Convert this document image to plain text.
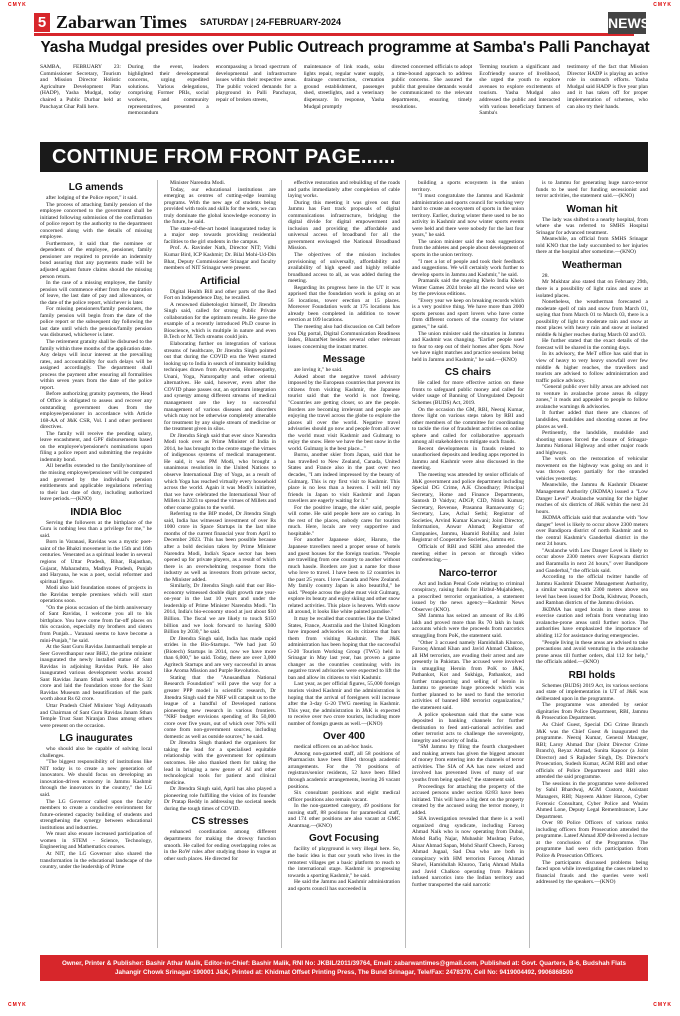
CMYK	CMYK
5 Zabarwan Times SATURDAY | 24-FEBRUARY-2024	NEWS
Yasha Mudgal presides over Public Outreach programme at Samba's Palli Panchayat
SAMBA, FEBRUARY 23: Commissioner Secretary, Tourism and Mission Director Holistic Agriculture Development Plan (HADP), Yasha Mudgal, today chaired a Public Durbar held at Panchayat Ghar Palli here.
During the event, leaders highlighted their developmental concerns, urging expedited solutions. Various delegations, comprising Former PRIs, social workers, and community representatives, presented a memorandum
encompassing a broad spectrum of developmental and infrastructure issues within their respective areas. The public voiced demands for a playground in Palli Panchayat, repair of broken streets,
maintenance of link roads, solar lights repair, regular water supply, drainage construction, cremation ground establishment, passenger shed, streetlights, and a veterinary dispensary. In response, Yasha Mudgal promptly
directed concerned officials to adopt a time-bound approach to address public concerns. She assured the public that genuine demands would be communicated to the relevant departments, ensuring timely resolutions.
Terming tourism a significant and Ecofriendly source of livelihood, she urged the youth to explore avenues to explore excitements of tourism. Yasha Mudgal also addressed the public and interacted with various beneficiary farmers of Samba's
testimony of the fact that Mission Director HADP is playing an active role in outreach efforts. Yasha Mudgal said HADP is five year plan and it has taken off for proper implementation of schemes, who can also try their hands.
CONTINUE FROM FRONT PAGE......
LG amends

after lodging of the Police report," it said.

The process of attaching family pension of the employee concerned to the government shall be initiated following submission of the confirmation of police report by the authority to the department concerned along with the details of missing employee.

Furthermore, it said that the nominee or dependents of the employee, pensioner, family pensioner are required to provide an indemnity bond assuring that any payments made will be adjusted against future claims should the missing person return.

In the case of a missing employee, the family pension will commence either from the expiration of leave, the last date of pay and allowances, or the date of the police report, whichever is later.

For missing pensioners/family pensioners, the family pension will begin from the date of the police report or the subsequent day following the last date until which the pension/family pension was disbursed, whichever is later.

The retirement gratuity shall be disbursed to the family within three months of the application date. Any delays will incur interest at the prevailing rates, and accountability for such delays will be assigned accordingly. The department shall process the payment after ensuring all formalities within seven years from the date of the police report.

Before authorizing gratuity payments, the Head of Office is obligated to assess and recover any outstanding government dues from the employee/pensioner in accordance with Article 168-AA of J&K CSR, Vol. I and other pertinent directives.

The family will receive the pending salary, leave encashment, and GPF disbursements based on the employee's/pensioner's nominations upon filing a police report and submitting the requisite indemnity bond.

All benefits extended to the family/nominee of the missing employee/pensioner will be computed and governed by the individual's pension entitlements and applicable regulations referring to their last date of duty, including authorized leave periods.—(KNO)

INDIA Bloc

Serving the followers at the birthplace of the Guru is nothing less than a privilege for me," he said.

Born in Varanasi, Ravidas was a mystic poet-saint of the Bhakti movement in the 15th and 16th centuries. Venerated as a spiritual leader in several regions of Uttar Pradesh, Bihar, Rajasthan, Gujarat, Maharashtra, Madhya Pradesh, Punjab and Haryana, he was a poet, social reformer and spiritual figure.

Modi also laid foundation stones of projects in the Ravidas temple premises which will start operations soon.

"On the pious occasion of the birth anniversary of Sant Ravidas, I welcome you all to his birthplace. You have come from far-off places on this occasion, especially my brothers and sisters from Punjab... Varanasi seems to have become a mini-Punjab," he said.

At the Sant Guru Ravidas Janmasthali temple at Seer Goverdhanpur near BHU, the prime minister inaugurated the newly installed statue of Sant Ravidas in adjoining Ravidas Park. He also inaugurated various development works around Sant Ravidas Janam Sthali worth about Rs 32 crore and laid the foundation stone for the Sant Ravidas Museum and beautification of the park worth about Rs 62 crore.

Uttar Pradesh Chief Minister Yogi Adityanath and Chairman of Sant Guru Ravidas Janam Sthan Temple Trust Sant Niranjan Dass among others were present on the occasion.

LG inaugurates

who should also be capable of solving local challenges.

"The biggest responsibility of institutions like NIT today is to create a new generation of innovators. We should focus on developing an innovation-driven economy in Jammu Kashmir through the innovators in the country," the LG said.

The LG Governor called upon the faculty members to create a conducive environment for future-oriented capacity building of students and strengthening the synergy between educational institutions and industries.

We must also ensure increased participation of women in STEM - Science, Technology, Engineering and Mathematics courses.

At NIT, the LG Governor also shared the transformation in the educational landscape of the country, under the leadership of Prime

Minister Narendra Modi.

Today, our educational institutions are emerging as centres of cutting-edge learning programs. With the new age of students being provided with tools and skills for the work, we can truly dominate the global knowledge economy in the future, he said.

The state-of-the-art hostel inaugurated today is a major step towards providing residential facilities to the girl students in the campus.

Prof. A. Ravinder Nath, Director NIT; Vidhi Kumar Bird, ICP Kashmir; Dr. Bilal Mohi-Ud-Din Bhat, Deputy Commissioner Srinagar and faculty members of NIT Srinagar were present.

Artificial

Digital Health Bill and other parts of the Red Fort on Independence Day, he recalled.

A renowned diabetologist himself, Dr Jitendra Singh said, called for strong Public Private collaboration for the optimum results. He gave the example of a recently introduced Ph.D course in Bioscience, which is multiple in nature and even B.Tech or M. Tech streams could join.

Elaborating further on integration of various streams of healthcare, Dr Jitendra Singh pointed out that during the COVID era the West started looking up to India in search of immunity building techniques drawn from Ayurveda, Homoeopathy, Unani, Yoga, Naturopathy and other oriental alternatives. He said, however, even after the COVID phase passes out, an optimum integration and synergy among different streams of medical management are the key to successful management of various diseases and disorders which may not be otherwise completely amenable for treatment by any single stream of medicine or the treatment given in silos.

Dr Jitendra Singh said that ever since Narendra Modi took over as Prime Minister of India in 2014, he has brought to the centre stage the virtues of indigenous systems of medical management. He said, it was PM Modi, who brought a unanimous resolution in the United Nations to observe International Day of Yoga, as a result of which Yoga has reached virtually every household across the world. Again it was Modi's initiative, that we have celebrated the International Year of Millets in 2023 to spread the virtues of Millets and other coarse grains to the world.

Referring to the BIP model, Dr Jitendra Singh said, India has witnessed investment of over Rs 1000 crore in Space Startups in the last nine months of the current financial year from April to December 2023. This has been possible because after a bold decision taken by Prime Minister Narendra Modi, India's Space sector has been opened up for private players, as a result of which there is an overwhelming response from the industry as well as investors from private sector, the Minister added.

Similarly, Dr Jitendra Singh said that our Bio-economy witnessed double digit growth rate year-on-year in the last 10 years and under the leadership of Prime Minister Narendra Modi. "In 2014, India's bio-economy stood at just about $10 Billion. The fiscal we are likely to touch $150 billion and we look forward to having $300 Billion by 2030," he said.

Dr Jitendra Singh said, India has made rapid strides in the Bio-Startups. "We had just 50 (Biotech) Startups in 2014, now we have more than 6,000," he said. Today, there are over 3,000 Agritech Startups and are very successful in areas like Aroma Mission and Purple Revolution.

Stating that the "Anusandhan National Research Foundation" will pave the way for a greater PPP model in scientific research, Dr Jitendra Singh said the NRF will catapult us to the league of a handful of Developed nations pioneering new research in various frontiers. "NRF budget envisions spending of Rs 50,000 crore over five years, out of which over 70% will come from non-government sources, including domestic as well as outside sources," he said.

Dr Jitendra Singh thanked the organisers for taking the lead for a specialised equitable relationship with the government for optimum outcomes. He also thanked them for taking the lead in bringing a new genre of AI and other technological tools for patient and clinical medicine.

Dr Jitendra Singh said, April has also played a pioneering role fulfilling the vision of its founder Dr Pratap Reddy in addressing the societal needs during the tough times of COVID.

CS stresses

enhanced coordination among different departments for making the drowsy function smooth. He called for ending overlapping roles as in the RoW rules after studying those in vogue at other such places. He directed for

effective restoration and rebuilding of the roads and paths immediately after completion of cable laying works.

During this meeting it was given out that Jammu has Fast track proposals of digital communications infrastructure, bridging the digital divide for digital empowerment and inclusion and providing the affordable and universal access of broadband for all the government envisaged the National Broadband Mission.

The objectives of the mission includes provisioning of universally, affordability and availability of high speed and highly reliable broadband access to all, as was added during the meeting.

Regarding its progress here in the UT it was apprised that the foundation work is going on at 56 locations, tower erection at 15 places. Moreover Foundation work at 175 locations has already been completed in addition to tower erection at 109 locations.

The meeting also had discussion on Call before you Dig portal, Digital Communication Readiness Index, BharatNet besides several other relevant issues concerning the instant matter.

Message

are loving it," he said.

Asked about the negative travel advisory imposed by the European countries that prevent its citizens from visiting Kashmir, the Japanese tourist said that the world is not freeing. "Countries are getting closer, so are the people. Borders are becoming irrelevant and people are enjoying the travel across the globe to explore the places all over the world. Negative travel advisories should go now and people from all over the world must visit Kashmir and Gulmarg to enjoy the snow. Here we have the best snow in the world. Gulmarg is the best place..."

Burnu, another skier from Japan, said that he has travelled to New Zealand, Canada, United States and France also in the past over two decades, "I am indeed impressed by the beauty of Gulmarg. This is my first visit to Kashmir. This place is no less than a heaven. I will tell my friends in Japan to visit Kashmir and Japan travellers are eagerly waiting for it."

For the positive image, the skier said, people will come. He said people here are so caring. In the rest of the places, nobody cares for tourists much. Here, locals are very supportive and hospitable."

For another Japanese skier, Haruto, the Japanese travellers need a proper sense of hotels and guest houses for the foreign tourists. "People are travelling from one country to another without much hassle. Borders are just a name for those who love to travel. I have been to 12 countries in the past 25 years. I love Canada and New Zealand. My family country Japan is also beautiful," he said. "People across the globe must visit Gulmarg, explore its beauty and enjoy skiing and other snow related activities. This place is heaven. With snow all around, it looks like white painted paradise."

It may be recalled that countries like the United States, France, Australia and the United Kingdom have imposed advisories on its citizens that bars them from visiting Kashmir. The J&K administration has been hoping that the successful G-20 Tourism Working Group (TWG) held in Srinagar in May last year, has proven a game changer as the countries continuing with its negative travel advisories were expected to lift the ban and allow its citizens to visit Kashmir.

Last year, as per official figures, 55,000 foreign tourists visited Kashmir and the administration is hoping that the arrival of foreigners will increase after the 3-day G-20 TWG meeting in Kashmir. This year, the administration in J&K is expected to receive over two crore tourists, including more number of foreign guests as well.—(KNO)

Over 400

medical officers on an ad-hoc basis.

Among non-gazetted staff, all 58 positions of Pharmacists have been filled through academic arrangements. For the 78 positions of registrars/senior residents, 52 have been filled through academic arrangements, leaving 26 vacant positions.

Six consultant positions and eight medical officer positions also remain vacant.

In the non-gazetted category, 49 positions for nursing staff, 88 positions for paramedical staff, and 174 other positions are also vacant at GMC Anantnag.—(KNO)

Govt Focusing

facility of playground is very illegal here. So, the basic idea is that our youth who lives in the remotest villages get a basic platform to reach to the international stage. Kashmir is progressing towards a sporting Kashmir," he said.

He said the Jammu and Kashmir administration and sports council has succeeded in

building a sports ecosystem in the union territory.

"I must congratulate the Jammu and Kashmir administration and sports council for working very hard to create an ecosystem of sports in the union territory. Earlier, during winter there used to be no activity in Kashmir and now winter sports events were held and there were nobody for the last four years," he said.

The union minister said the took suggestions from the athletes and people about development of sports in the union territory.

"I met a lot of people and took their feedback and suggestions. We will certainly work further to develop sports in Jammu and Kashmir," he said.

Pramanik said the ongoing Khelo India Khelo Winter Games 2024 broke all the record wise set by the previous editions.

"Every year we keep on breaking records which is a very positive thing. We have more than 2000 sports persons and sport lovers who have come from different corners of the country for winter games," he said.

The union minister said the situation in Jammu and Kashmir was changing. "Earlier people used to fear to step out of their homes after 6pm. Now we have night matches and practice sessions being held in Jammu and Kashmir," he said.—(KNO)

CS chairs

He called for more effective action on these fronts to safeguard public money and called for wider usage of Banning of Unregulated Deposit Schemes (BUDS) Act, 2019.

On the occasion the GM, RBI, Neeraj Kumar, threw light on various steps taken by RBI and other members of the committee for coordinating to tackle the rise of fraudulent activities on online sphere and called for collaborative approach among all stakeholders to mitigate such frauds.

Recent developments in frauds related to unauthorised deposits and lending apps reported in Jammu and Kashmir were also discussed in the meeting.

The meeting was attended by senior officials of J&K government and police department including Special DG Crime, A.K Choudhary; Principal Secretary, Home and Finance Departments, Santosh D Vaidya; ADGP, CID, Nitish Kumar; Secretary, Revenue, Prasanna Ramaswamy G; Secretary, Law, Achal Sethi; Registrar of Societies, Arvind Kumar Karwani; Joint Director, Information, Anwar Ahmad; Registrar of Companies, Jammu, Haamid Rohilla; and Joint Registrar of Cooperative Societies, Jammu etc.

Officials of RBI and SEBI also attended the meeting either in person or through video conferencing.—

Narco-terror

Act and Indian Penal Code relating to criminal conspiracy, raising funds for Hizbul-Mujahideen, a proscribed terrorist organisation, a statement issued by the news agency—Kashmir News Observer (KNO).

SM Jamma has seized an amount of Rs 4.86 lakh and proved more than Rs 70 lakh in bank accounts which were the proceeds from narcotics smuggling from PoK, the statement said.

"Other 3 accused namely Hamidullah Khuroo, Farooq Ahmad Khan and Javid Ahmad Chalkoo, all HM terrorists, are evading their arrest and are presently in Pakistan. The accused were involved in smuggling Heroin from PoK to J&K, Pathankot, Kot and Sukhiga, Pathankot, and further transporting and selling of heroin in Jammu to generate huge proceeds which was further planned to be used to fund the terrorist activities of banned HM terrorist organization," the statement said.

A police spokesman said that the same was deposited in banking channels for further destination to feed anti-national activities and other terrorist acts to challenge the sovereignty, integrity and security of India.

"SM Jammu by filing the fourth chargesheet and making arrests has given the biggest amount of money from entering into the channels of terror activities. The SIA of AA has now seized and involved has prevented lives of many of our youths from being spoiled," the statement said.

Proceedings for attaching the property of the accused persons under section 82/83 have been initiated. This will have a big dent on the property created by the accused using the terror money, it added.

SIA investigation revealed that there is a well organized drug syndicate, including Farooq Ahmad Naik who is now operating from Dubai, Mohd Rafiq Najar, Mubashir Mushtaq Fafoo, Ainar Ahmad Sapan, Mohd Sharif Cheech, Farooq Ahmad Jugaal, Sad Dua who are both in conspiracy with HM terrorists Farooq Ahmad Shawl, Hamidullah Khuroo, Tariq Ahmad Malla and Javid Chalkoo operating from Pakistan infused narcotics into the Indian territory and further transported the said narcotic

is to Jammu for generating huge narco-terror funds to be used for funding secessionist and terror activities, the statement said.—(KNO)

Woman hit

The lady was shifted to a nearby hospital, from where she was referred to SMHS Hospital Srinagar for advanced treatment.

Meanwhile, an official from SMHS Srinagar told KNO that the lady succumbed to her injuries there at the hospital after sometime.—(KNO)

Weatherman

28.

Mr Mukhtar also stated that on February 29th, there is a possibility of light rains and snow at isolated places.

Nonetheless, the weatherman forecasted a moderate spell of rain and snow from March 01, saying that from March 01 to March 03, there is a possibility of light to moderate rain and snow at most places with heavy rain and snow at isolated middle & higher reaches during March 02 and 03.

He further stated that the exact details of the forecast will be shared in the coming days.

In its advisory, the MeT office has said that in view of heavy to very heavy snowfall over few middle & higher reaches, the travellers and tourists are advised to follow administration and traffic police advisory.

"General public over hilly areas are advised not to venture in avalanche prone areas & slippy zones," it reads and appealed to people to follow avalanche warnings & advisories.

It further added that there are chances of landslides, mudslides and shooting stones at few places as well.

Pertinently, the landslide, mudslide and shooting stones forced the closure of Srinagar-Jammu National Highway and other major roads and highways.

The work on the restoration of vehicular movement on the highway was going on and it was thrown open partially for the stranded vehicles yesterday.

Meanwhile, the Jammu & Kashmir Disaster Management Authority (JKDMA) issued a "Low Danger Level" Avalanche warning for the higher reaches of six districts of J&K within the next 24 hours.

JKDMA officials said that avalanche with "low danger" level is likely to occur above 2300 meters over Bandipora district of north Kashmir and to the central Kashmir's Ganderbal district in the next 24 hours.

"Avalanche with Low Danger Level is likely to occur above 2300 meters over Kupwara district and Baramulla in next 24 hours," over Bandipore and Ganderbal," the officials said.

According to the official twitter handle of Jammu Kashmir Disaster Management Authority, a similar warning with 2300 meters above sea level has been issued for Doda, Kishtwar, Poonch, and Ramban districts of the Jammu division.

JKDMA has urged locals in these areas to exercise caution and refrain from venturing into avalanche-prone areas until further notice. The authorities have emphasized the importance of abiding 112 for assistance during emergencies.

"People living in these areas are advised to take precautions and avoid venturing in the avalanche prone areas till further orders, dial 112 for help," the officials added.—(KNO)

RBI holds

Schemes (BUDS) 2019 Act, its various sections and state of implementation in UT of J&K was deliberated upon in the programme.

The programme was attended by senior dignitaries from Police Department, RBI, Jammu & Prosecution Department.

As Chief Guest, Special DG Crime Branch J&K was the Chief Guest & inaugurated the programme. Neeraj Kumar, General Manager, RBI; Laroy Ahmad Dar (Joint Director Crime Branch), Reyaz Ahmad, Sunita Kapoor (a Joint Director) and S Rajinder Singh, Dy. Director's Prosecution, Sudesh Kumar, AGM RBI and other officials of Police Department and RBI also attended the said programme.

The sessions in the programme were delivered by Sahil Bhardwaj, AGM Custom, Assistant Managers, RBI; Nayeem Akhter Haroon, Cyber Forensic Consultant, Cyber Police and Wasim Ahmed Lone, Deputy Legal Remembrancer, Law Department.

Over 80 Police Officers of various ranks including officers from Prosecution attended the programme. Lateef Ahmad JDP delivered a lecture at the conclusion of the Programme. The programme had seen rich participation from Police & Prosecution Officers.

The participants discussed problems being faced upon while investigating the cases related to financial frauds and the queries were well addressed by the speakers.—(KNO)

Owner, Printer & Publisher: Bashir Athar Malik, Editor-in-Chief: Bashir Malik, RNI No: JKBIL/2011/39764, Email: zabarwantimes@gmail.com, Published at: Govt. Quarters, B-6, Budshah Flats
Jahangir Chowk Srinagar-190001 J&K, Printed at: Khidmat Offset Printing Press, The Bund Srinagar, Tele/Fax: 2478370, Cell No: 9419004492, 9906868500
CMYK	CMYK
